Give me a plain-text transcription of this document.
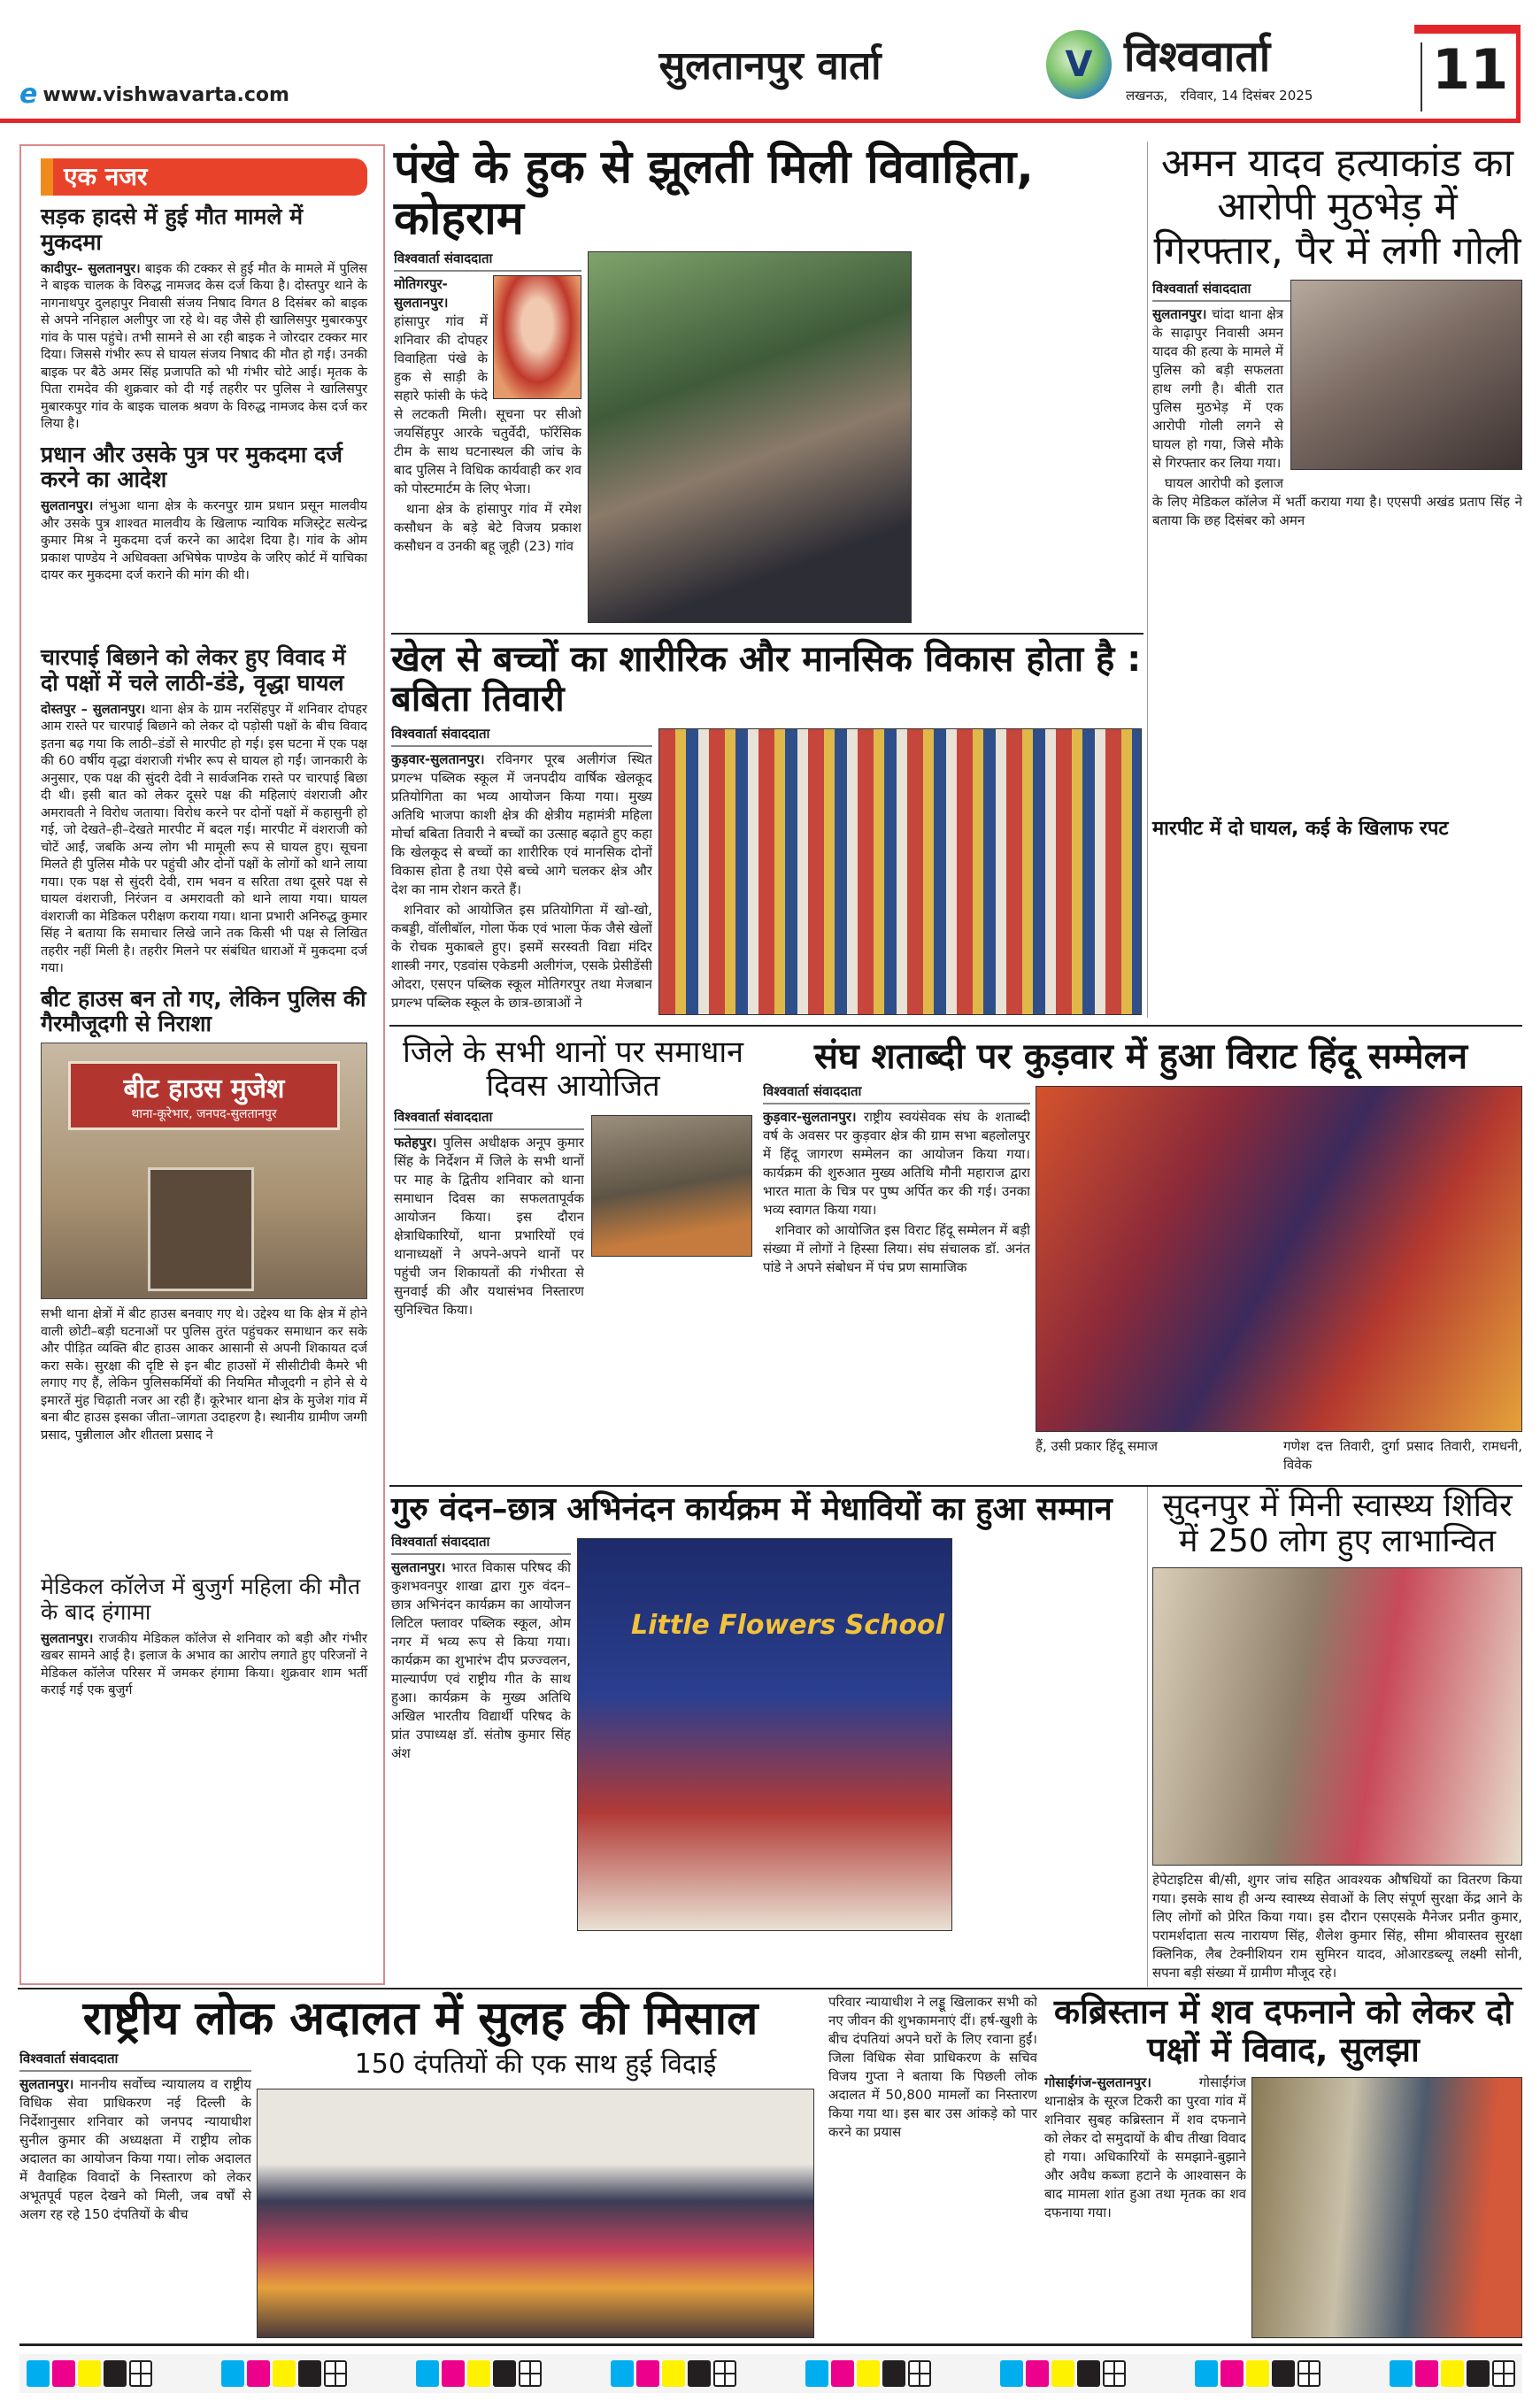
e www.vishwavarta.com
सुलतानपुर वार्ता	V विश्ववार्ता
लखनऊ,   रविवार, 14 दिसंबर 2025 11
एक नजर
सड़क हादसे में हुई मौत मामले में मुकदमा
कादीपुर– सुलतानपुर। बाइक की टक्कर से हुई मौत के मामले में पुलिस ने बाइक चालक के विरुद्ध नामजद केस दर्ज किया है। दोस्तपुर थाने के नागनाथपुर दुलहापुर निवासी संजय निषाद विगत 8 दिसंबर को बाइक से अपने ननिहाल अलीपुर जा रहे थे। वह जैसे ही खालिसपुर मुबारकपुर गांव के पास पहुंचे। तभी सामने से आ रही बाइक ने जोरदार टक्कर मार दिया। जिससे गंभीर रूप से घायल संजय निषाद की मौत हो गई। उनकी बाइक पर बैठे अमर सिंह प्रजापति को भी गंभीर चोटे आई। मृतक के पिता रामदेव की शुक्रवार को दी गई तहरीर पर पुलिस ने खालिसपुर मुबारकपुर गांव के बाइक चालक श्रवण के विरुद्ध नामजद केस दर्ज कर लिया है।
प्रधान और उसके पुत्र पर मुकदमा दर्ज करने का आदेश
सुलतानपुर। लंभुआ थाना क्षेत्र के करनपुर ग्राम प्रधान प्रसून मालवीय और उसके पुत्र शाश्वत मालवीय के खिलाफ न्यायिक मजिस्ट्रेट सत्येन्द्र कुमार मिश्र ने मुकदमा दर्ज करने का आदेश दिया है। गांव के ओम प्रकाश पाण्डेय ने अधिवक्ता अभिषेक पाण्डेय के जरिए कोर्ट में याचिका दायर कर मुकदमा दर्ज कराने की मांग की थी।
चारपाई बिछाने को लेकर हुए विवाद में दो पक्षों में चले लाठी-डंडे, वृद्धा घायल
दोस्तपुर – सुलतानपुर। थाना क्षेत्र के ग्राम नरसिंहपुर में शनिवार दोपहर आम रास्ते पर चारपाई बिछाने को लेकर दो पड़ोसी पक्षों के बीच विवाद इतना बढ़ गया कि लाठी–डंडों से मारपीट हो गई। इस घटना में एक पक्ष की 60 वर्षीय वृद्धा वंशराजी गंभीर रूप से घायल हो गईं। जानकारी के अनुसार, एक पक्ष की सुंदरी देवी ने सार्वजनिक रास्ते पर चारपाई बिछा दी थी। इसी बात को लेकर दूसरे पक्ष की महिलाएं वंशराजी और अमरावती ने विरोध जताया। विरोध करने पर दोनों पक्षों में कहासुनी हो गई, जो देखते–ही–देखते मारपीट में बदल गई। मारपीट में वंशराजी को चोटें आईं, जबकि अन्य लोग भी मामूली रूप से घायल हुए। सूचना मिलते ही पुलिस मौके पर पहुंची और दोनों पक्षों के लोगों को थाने लाया गया। एक पक्ष से सुंदरी देवी, राम भवन व सरिता तथा दूसरे पक्ष से घायल वंशराजी, निरंजन व अमरावती को थाने लाया गया। घायल वंशराजी का मेडिकल परीक्षण कराया गया। थाना प्रभारी अनिरुद्ध कुमार सिंह ने बताया कि समाचार लिखे जाने तक किसी भी पक्ष से लिखित तहरीर नहीं मिली है। तहरीर मिलने पर संबंधित धाराओं में मुकदमा दर्ज गया।
बीट हाउस बन तो गए, लेकिन पुलिस की गैरमौजूदगी से निराशा
बीट हाउस मुजेश
थाना-कूरेभार, जनपद-सुलतानपुर
सभी थाना क्षेत्रों में बीट हाउस बनवाए गए थे। उद्देश्य था कि क्षेत्र में होने वाली छोटी–बड़ी घटनाओं पर पुलिस तुरंत पहुंचकर समाधान कर सके और पीड़ित व्यक्ति बीट हाउस आकर आसानी से अपनी शिकायत दर्ज करा सके। सुरक्षा की दृष्टि से इन बीट हाउसों में सीसीटीवी कैमरे भी लगाए गए हैं, लेकिन पुलिसकर्मियों की नियमित मौजूदगी न होने से ये इमारतें मुंह चिढ़ाती नजर आ रही हैं। कूरेभार थाना क्षेत्र के मुजेश गांव में बना बीट हाउस इसका जीता–जागता उदाहरण है। स्थानीय ग्रामीण जग्गी प्रसाद, पुन्नीलाल और शीतला प्रसाद ने
मेडिकल कॉलेज में बुजुर्ग महिला की मौत के बाद हंगामा
सुलतानपुर। राजकीय मेडिकल कॉलेज से शनिवार को बड़ी और गंभीर खबर सामने आई है। इलाज के अभाव का आरोप लगाते हुए परिजनों ने मेडिकल कॉलेज परिसर में जमकर हंगामा किया। शुक्रवार शाम भर्ती कराई गई एक बुजुर्ग
पंखे के हुक से झूलती मिली विवाहिता, कोहराम
विश्ववार्ता संवाददाता

मोतिगरपुर-सुलतानपुर। हांसापुर गांव में शनिवार की दोपहर विवाहिता पंखे के हुक से साड़ी के सहारे फांसी के फंदे से लटकती मिली। सूचना पर सीओ जयसिंहपुर आरके चतुर्वेदी, फॉरेंसिक टीम के साथ घटनास्थल की जांच के बाद पुलिस ने विधिक कार्यवाही कर शव को पोस्टमार्टम के लिए भेजा।

थाना क्षेत्र के हांसापुर गांव में रमेश कसौधन के बड़े बेटे विजय प्रकाश कसौधन व उनकी बहू जूही (23) गांव

अमन यादव हत्याकांड का आरोपी मुठभेड़ में गिरफ्तार, पैर में लगी गोली
विश्ववार्ता संवाददाता

सुलतानपुर। चांदा थाना क्षेत्र के साढ़ापुर निवासी अमन यादव की हत्या के मामले में पुलिस को बड़ी सफलता हाथ लगी है। बीती रात पुलिस मुठभेड़ में एक आरोपी गोली लगने से घायल हो गया, जिसे मौके से गिरफ्तार कर लिया गया।

घायल आरोपी को इलाज के लिए मेडिकल कॉलेज में भर्ती कराया गया है। एएसपी अखंड प्रताप सिंह ने बताया कि छह दिसंबर को अमन

मारपीट में दो घायल, कई के खिलाफ रपट
खेल से बच्चों का शारीरिक और मानसिक विकास होता है : बबिता तिवारी
विश्ववार्ता संवाददाता

कुड़वार-सुलतानपुर। रविनगर पूरब अलीगंज स्थित प्रगल्भ पब्लिक स्कूल में जनपदीय वार्षिक खेलकूद प्रतियोगिता का भव्य आयोजन किया गया। मुख्य अतिथि भाजपा काशी क्षेत्र की क्षेत्रीय महामंत्री महिला मोर्चा बबिता तिवारी ने बच्चों का उत्साह बढ़ाते हुए कहा कि खेलकूद से बच्चों का शारीरिक एवं मानसिक दोनों विकास होता है तथा ऐसे बच्चे आगे चलकर क्षेत्र और देश का नाम रोशन करते हैं।

शनिवार को आयोजित इस प्रतियोगिता में खो-खो, कबड्डी, वॉलीबॉल, गोला फेंक एवं भाला फेंक जैसे खेलों के रोचक मुकाबले हुए। इसमें सरस्वती विद्या मंदिर शास्त्री नगर, एडवांस एकेडमी अलीगंज, एसके प्रेसीडेंसी ओदरा, एसएन पब्लिक स्कूल मोतिगरपुर तथा मेजबान प्रगल्भ पब्लिक स्कूल के छात्र-छात्राओं ने

जिले के सभी थानों पर समाधान दिवस आयोजित
विश्ववार्ता संवाददाता

फतेहपुर। पुलिस अधीक्षक अनूप कुमार सिंह के निर्देशन में जिले के सभी थानों पर माह के द्वितीय शनिवार को थाना समाधान दिवस का सफलतापूर्वक आयोजन किया। इस दौरान क्षेत्राधिकारियों, थाना प्रभारियों एवं थानाध्यक्षों ने अपने-अपने थानों पर पहुंची जन शिकायतों की गंभीरता से सुनवाई की और यथासंभव निस्तारण सुनिश्चित किया।

संघ शताब्दी पर कुड़वार में हुआ विराट हिंदू सम्मेलन
विश्ववार्ता संवाददाता

कुड़वार-सुलतानपुर। राष्ट्रीय स्वयंसेवक संघ के शताब्दी वर्ष के अवसर पर कुड़वार क्षेत्र की ग्राम सभा बहलोलपुर में हिंदू जागरण सम्मेलन का आयोजन किया गया। कार्यक्रम की शुरुआत मुख्य अतिथि मौनी महाराज द्वारा भारत माता के चित्र पर पुष्प अर्पित कर की गई। उनका भव्य स्वागत किया गया।

शनिवार को आयोजित इस विराट हिंदू सम्मेलन में बड़ी संख्या में लोगों ने हिस्सा लिया। संघ संचालक डॉ. अनंत पांडे ने अपने संबोधन में पंच प्रण सामाजिक

हैं, उसी प्रकार हिंदू समाज	गणेश दत्त तिवारी, दुर्गा प्रसाद तिवारी, रामधनी, विवेक

गुरु वंदन–छात्र अभिनंदन कार्यक्रम में मेधावियों का हुआ सम्मान
विश्ववार्ता संवाददाता

सुलतानपुर। भारत विकास परिषद की कुशभवनपुर शाखा द्वारा गुरु वंदन–छात्र अभिनंदन कार्यक्रम का आयोजन लिटिल फ्लावर पब्लिक स्कूल, ओम नगर में भव्य रूप से किया गया। कार्यक्रम का शुभारंभ दीप प्रज्ज्वलन, माल्यार्पण एवं राष्ट्रीय गीत के साथ हुआ। कार्यक्रम के मुख्य अतिथि अखिल भारतीय विद्यार्थी परिषद के प्रांत उपाध्यक्ष डॉ. संतोष कुमार सिंह अंश

Little Flowers School
सुदनपुर में मिनी स्वास्थ्य शिविर में 250 लोग हुए लाभान्वित

हेपेटाइटिस बी/सी, शुगर जांच सहित आवश्यक औषधियों का वितरण किया गया। इसके साथ ही अन्य स्वास्थ्य सेवाओं के लिए संपूर्ण सुरक्षा केंद्र आने के लिए लोगों को प्रेरित किया गया। इस दौरान एसएसके मैनेजर प्रनीत कुमार, परामर्शदाता सत्य नारायण सिंह, शैलेश कुमार सिंह, सीमा श्रीवास्तव सुरक्षा क्लिनिक, लैब टेक्नीशियन राम सुमिरन यादव, ओआरडब्ल्यू लक्ष्मी सोनी, सपना बड़ी संख्या में ग्रामीण मौजूद रहे।

राष्ट्रीय लोक अदालत में सुलह की मिसाल
विश्ववार्ता संवाददाता

सुलतानपुर। माननीय सर्वोच्च न्यायालय व राष्ट्रीय विधिक सेवा प्राधिकरण नई दिल्ली के निर्देशानुसार शनिवार को जनपद न्यायाधीश सुनील कुमार की अध्यक्षता में राष्ट्रीय लोक अदालत का आयोजन किया गया। लोक अदालत में वैवाहिक विवादों के निस्तारण को लेकर अभूतपूर्व पहल देखने को मिली, जब वर्षों से अलग रह रहे 150 दंपतियों के बीच

150 दंपतियों की एक साथ हुई विदाई

परिवार न्यायाधीश ने लड्डू खिलाकर सभी को नए जीवन की शुभकामनाएं दीं। हर्ष-खुशी के बीच दंपतियां अपने घरों के लिए रवाना हुईं। जिला विधिक सेवा प्राधिकरण के सचिव विजय गुप्ता ने बताया कि पिछली लोक अदालत में 50,800 मामलों का निस्तारण किया गया था। इस बार उस आंकड़े को पार करने का प्रयास

कब्रिस्तान में शव दफनाने को लेकर दो पक्षों में विवाद, सुलझा

गोसाईंगंज-सुलतानपुर।	गोसाईंगंज थानाक्षेत्र के सूरज टिकरी का पुरवा गांव में शनिवार सुबह कब्रिस्तान में शव दफनाने को लेकर दो समुदायों के बीच तीखा विवाद हो गया। अधिकारियों के समझाने-बुझाने और अवैध कब्जा हटाने के आश्वासन के बाद मामला शांत हुआ तथा मृतक का शव दफनाया गया।
